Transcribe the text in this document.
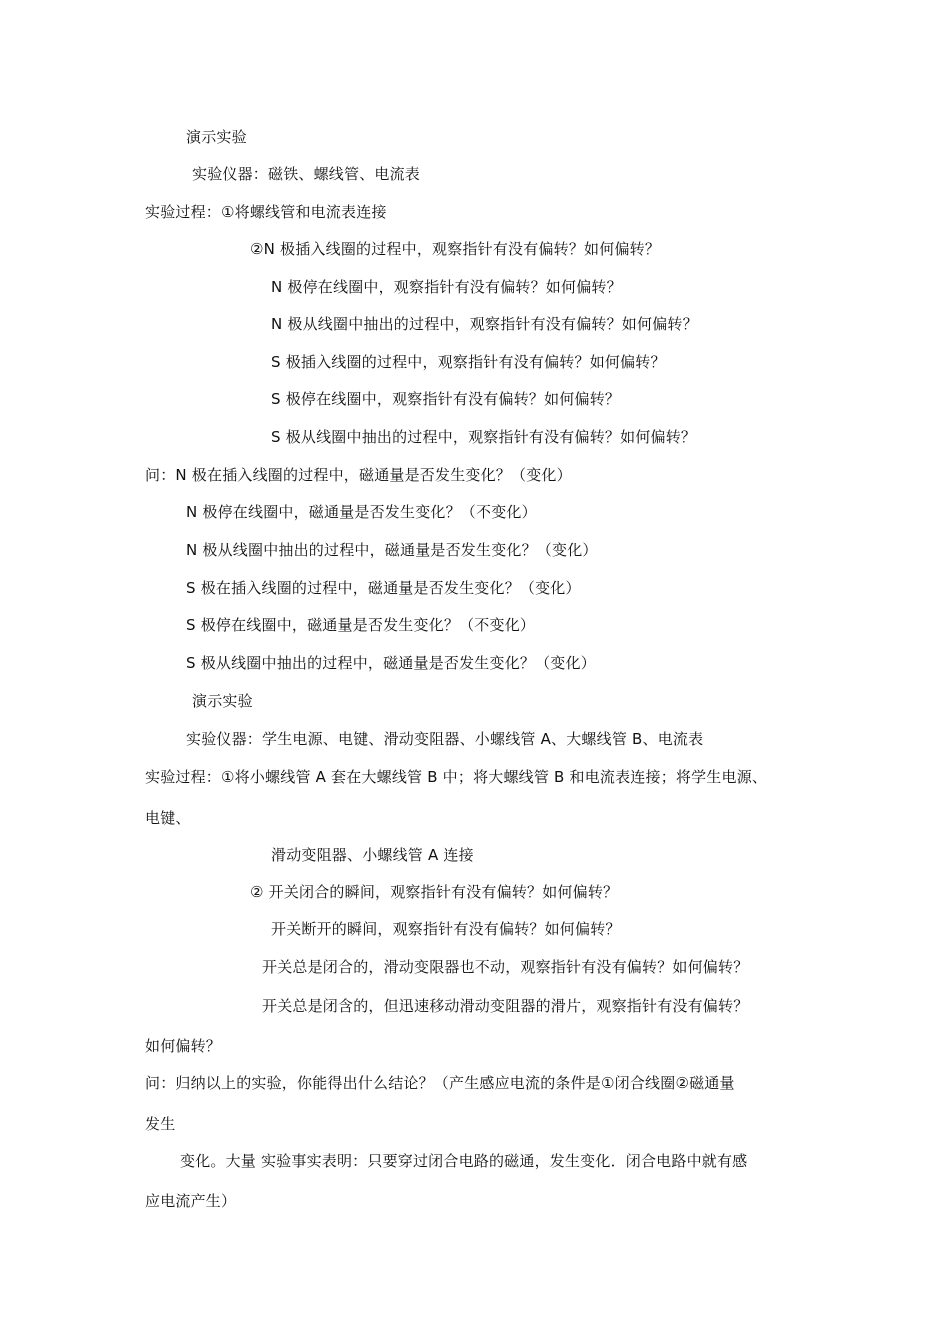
演示实验
实验仪器：磁铁、螺线管、电流表
实验过程：①将螺线管和电流表连接
②N 极插入线圈的过程中，观察指针有没有偏转？如何偏转？
N 极停在线圈中，观察指针有没有偏转？如何偏转？
N 极从线圈中抽出的过程中，观察指针有没有偏转？如何偏转？
S 极插入线圈的过程中，观察指针有没有偏转？如何偏转？
S 极停在线圈中，观察指针有没有偏转？如何偏转？
S 极从线圈中抽出的过程中，观察指针有没有偏转？如何偏转？
问：N 极在插入线圈的过程中，磁通量是否发生变化？（变化）
N 极停在线圈中，磁通量是否发生变化？（不变化）
N 极从线圈中抽出的过程中，磁通量是否发生变化？（变化）
S 极在插入线圈的过程中，磁通量是否发生变化？（变化）
S 极停在线圈中，磁通量是否发生变化？（不变化）
S 极从线圈中抽出的过程中，磁通量是否发生变化？（变化）
演示实验
实验仪器：学生电源、电键、滑动变阻器、小螺线管 A、大螺线管 B、电流表
实验过程：①将小螺线管 A 套在大螺线管 B 中；将大螺线管 B 和电流表连接；将学生电源、
电键、
滑动变阻器、小螺线管 A 连接
② 开关闭合的瞬间，观察指针有没有偏转？如何偏转？
开关断开的瞬间，观察指针有没有偏转？如何偏转？
开关总是闭合的，滑动变限器也不动，观察指针有没有偏转？如何偏转？
开关总是闭含的，但迅速移动滑动变阻器的滑片，观察指针有没有偏转？
如何偏转？
问：归纳以上的实验，你能得出什么结论？（产生感应电流的条件是①闭合线圈②磁通量
发生
变化。大量 实验事实表明：只要穿过闭合电路的磁通，发生变化．闭合电路中就有感
应电流产生）
